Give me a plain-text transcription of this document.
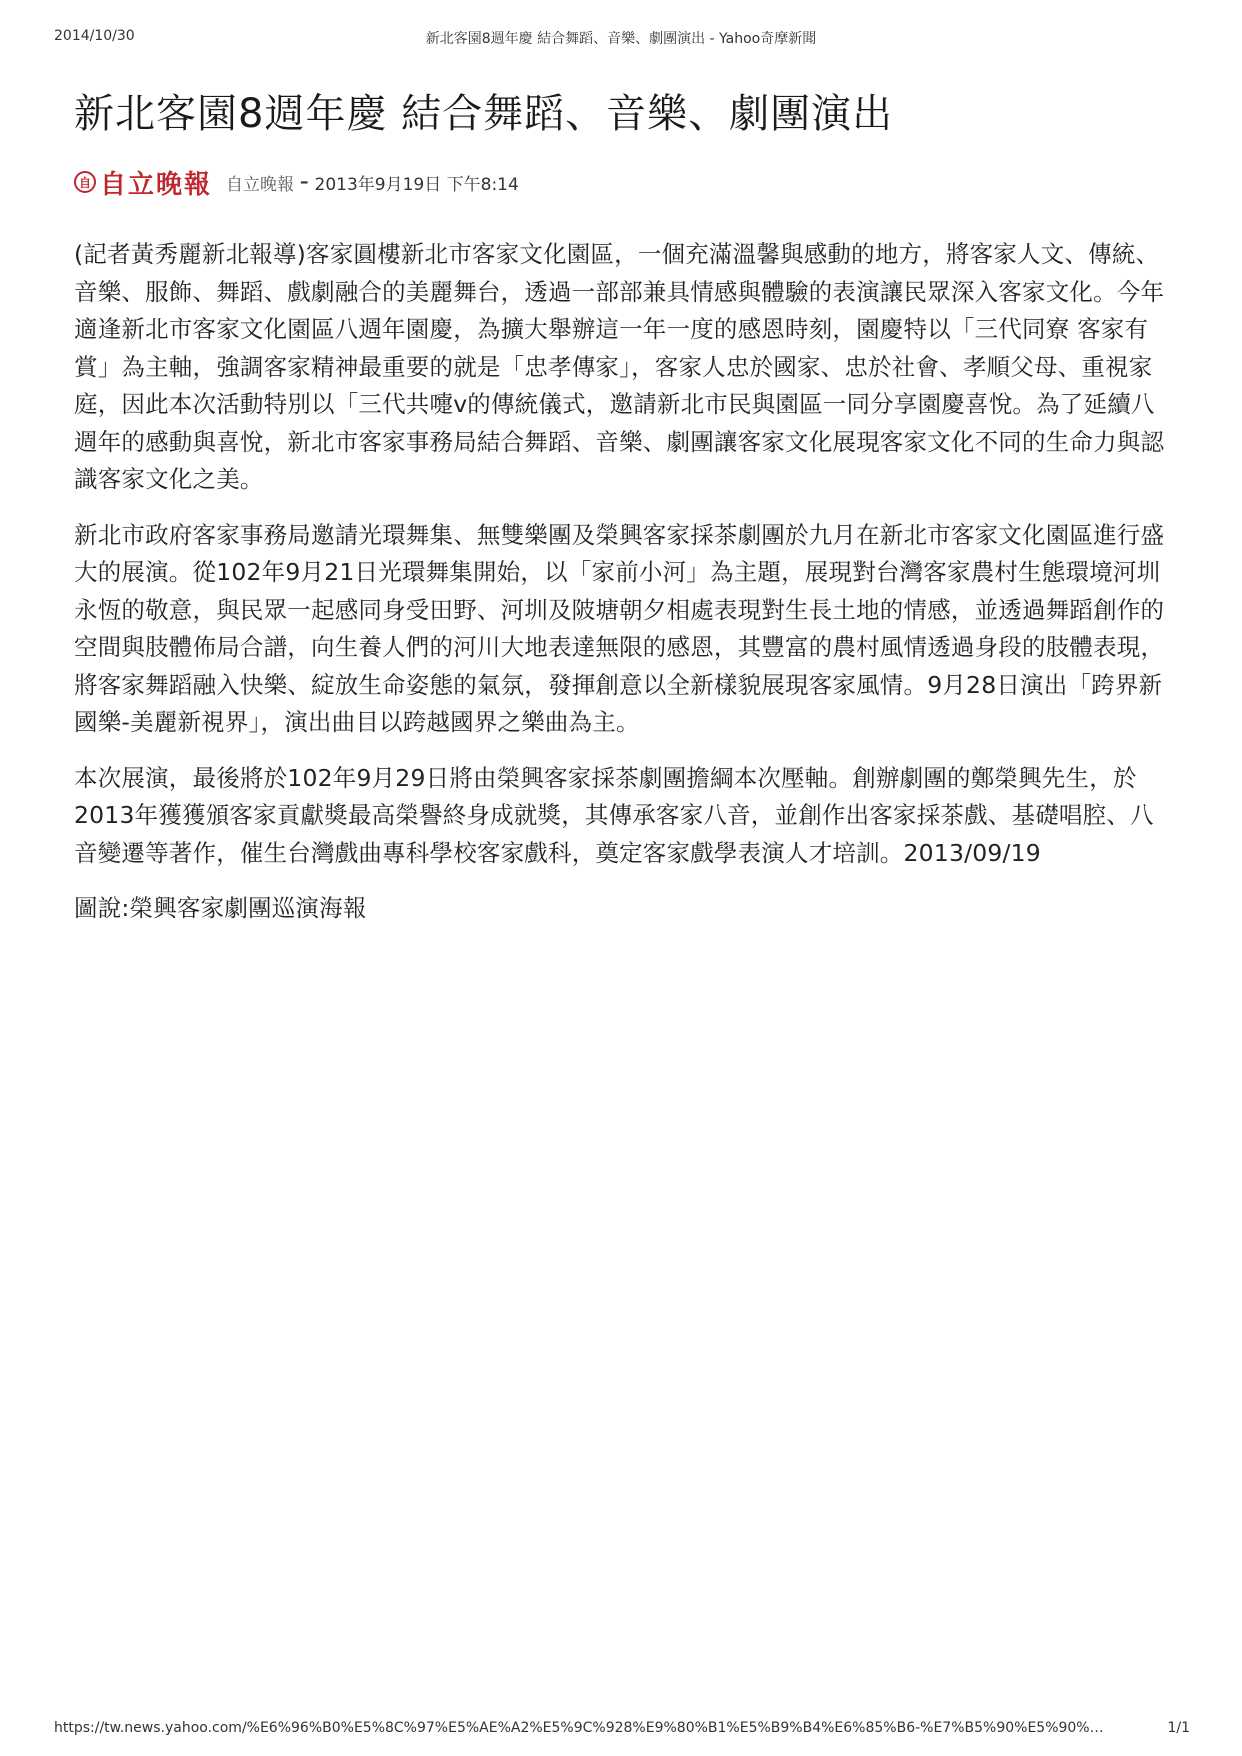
2014/10/30	新北客園8週年慶 結合舞蹈、音樂、劇團演出 - Yahoo奇摩新聞
新北客園8週年慶 結合舞蹈、音樂、劇團演出
自 自立晚報 自立晚報 – 2013年9月19日 下午8:14

(記者黃秀麗新北報導)客家圓樓新北市客家文化園區，一個充滿溫馨與感動的地方，將客家人文、傳統、音樂、服飾、舞蹈、戲劇融合的美麗舞台，透過一部部兼具情感與體驗的表演讓民眾深入客家文化。今年適逢新北市客家文化園區八週年園慶，為擴大舉辦這一年一度的感恩時刻，園慶特以「三代同寮 客家有賞」為主軸，強調客家精神最重要的就是「忠孝傳家」，客家人忠於國家、忠於社會、孝順父母、重視家庭，因此本次活動特別以「三代共嚏v的傳統儀式，邀請新北市民與園區一同分享園慶喜悅。為了延續八週年的感動與喜悅，新北市客家事務局結合舞蹈、音樂、劇團讓客家文化展現客家文化不同的生命力與認識客家文化之美。

新北市政府客家事務局邀請光環舞集、無雙樂團及榮興客家採茶劇團於九月在新北市客家文化園區進行盛大的展演。從102年9月21日光環舞集開始，以「家前小河」為主題，展現對台灣客家農村生態環境河圳永恆的敬意，與民眾一起感同身受田野、河圳及陂塘朝夕相處表現對生長土地的情感，並透過舞蹈創作的空間與肢體佈局合譜，向生養人們的河川大地表達無限的感恩，其豐富的農村風情透過身段的肢體表現，將客家舞蹈融入快樂、綻放生命姿態的氣氛，發揮創意以全新樣貌展現客家風情。9月28日演出「跨界新國樂-美麗新視界」，演出曲目以跨越國界之樂曲為主。

本次展演，最後將於102年9月29日將由榮興客家採茶劇團擔綱本次壓軸。創辦劇團的鄭榮興先生，於2013年獲獲頒客家貢獻獎最高榮譽終身成就獎，其傳承客家八音，並創作出客家採茶戲、基礎唱腔、八音變遷等著作，催生台灣戲曲專科學校客家戲科，奠定客家戲學表演人才培訓。2013/09/19

圖說:榮興客家劇團巡演海報

https://tw.news.yahoo.com/%E6%96%B0%E5%8C%97%E5%AE%A2%E5%9C%928%E9%80%B1%E5%B9%B4%E6%85%B6-%E7%B5%90%E5%90%…	1/1
